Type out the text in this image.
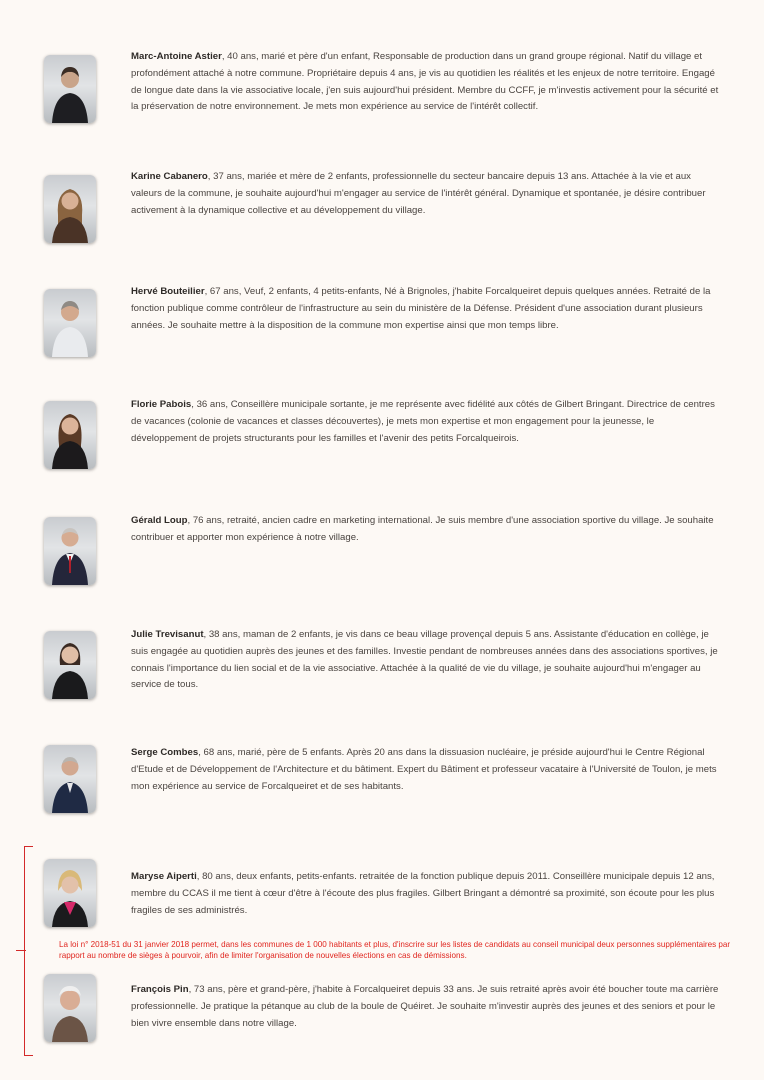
Marc-Antoine Astier, 40 ans, marié et père d'un enfant, Responsable de production dans un grand groupe régional. Natif du village et profondément attaché à notre commune. Propriétaire depuis 4 ans, je vis au quotidien les réalités et les enjeux de notre territoire. Engagé de longue date dans la vie associative locale, j'en suis aujourd'hui président. Membre du CCFF, je m'investis activement pour la sécurité et la préservation de notre environnement. Je mets mon expérience au service de l'intérêt collectif.

Karine Cabanero, 37 ans, mariée et mère de 2 enfants, professionnelle du secteur bancaire depuis 13 ans. Attachée à la vie et aux valeurs de la commune, je souhaite aujourd'hui m'engager au service de l'intérêt général. Dynamique et spontanée, je désire contribuer activement à la dynamique collective et au développement du village.

Hervé Bouteilier, 67 ans, Veuf, 2 enfants, 4 petits-enfants, Né à Brignoles, j'habite Forcalqueiret depuis quelques années. Retraité de la fonction publique comme contrôleur de l'infrastructure au sein du ministère de la Défense. Président d'une association durant plusieurs années. Je souhaite mettre à la disposition de la commune mon expertise ainsi que mon temps libre.

Florie Pabois, 36 ans, Conseillère municipale sortante, je me représente avec fidélité aux côtés de Gilbert Bringant. Directrice de centres de vacances (colonie de vacances et classes découvertes), je mets mon expertise et mon engagement pour la jeunesse, le développement de projets structurants pour les familles et l'avenir des petits Forcalqueirois.

Gérald Loup, 76 ans, retraité, ancien cadre en marketing international. Je suis membre d'une association sportive du village. Je souhaite contribuer et apporter mon expérience à notre village.

Julie Trevisanut, 38 ans, maman de 2 enfants, je vis dans ce beau village provençal depuis 5 ans. Assistante d'éducation en collège, je suis engagée au quotidien auprès des jeunes et des familles. Investie pendant de nombreuses années dans des associations sportives, je connais l'importance du lien social et de la vie associative. Attachée à la qualité de vie du village, je souhaite aujourd'hui m'engager au service de tous.

Serge Combes, 68 ans, marié, père de 5 enfants. Après 20 ans dans la dissuasion nucléaire, je préside aujourd'hui le Centre Régional d'Etude et de Développement de l'Architecture et du bâtiment. Expert du Bâtiment et professeur vacataire à l'Université de Toulon, je mets mon expérience au service de Forcalqueiret et de ses habitants.

Maryse Aiperti, 80 ans, deux enfants, petits-enfants. retraitée de la fonction publique depuis 2011. Conseillère municipale depuis 12 ans, membre du CCAS il me tient à cœur d'être à l'écoute des plus fragiles. Gilbert Bringant a démontré sa proximité, son écoute pour les plus fragiles de ses administrés.

La loi n° 2018-51 du 31 janvier 2018 permet, dans les communes de 1 000 habitants et plus, d'inscrire sur les listes de candidats au conseil municipal deux personnes supplémentaires par rapport au nombre de sièges à pourvoir, afin de limiter l'organisation de nouvelles élections en cas de démissions.

François Pin, 73 ans, père et grand-père, j'habite à Forcalqueiret depuis 33 ans. Je suis retraité après avoir été boucher toute ma carrière professionnelle. Je pratique la pétanque au club de la boule de Quéiret. Je souhaite m'investir auprès des jeunes et des seniors et pour le bien vivre ensemble dans notre village.
